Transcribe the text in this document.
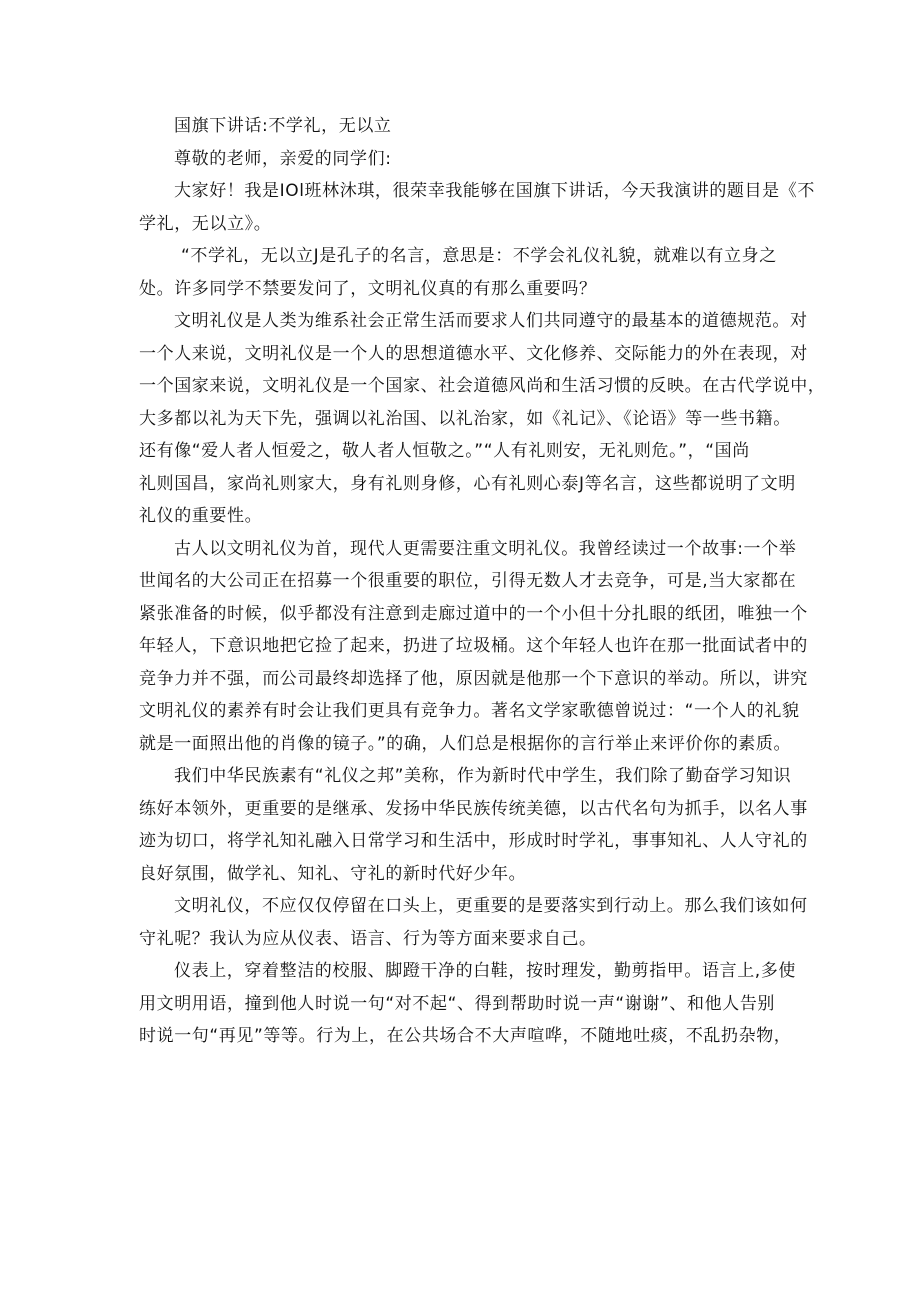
国旗下讲话:不学礼，无以立
尊敬的老师，亲爱的同学们:
大家好！我是IOl班林沐琪，很荣幸我能够在国旗下讲话，今天我演讲的题目是《不
学礼，无以立》。
“不学礼，无以立J是孔子的名言，意思是：不学会礼仪礼貌，就难以有立身之
处。许多同学不禁要发问了，文明礼仪真的有那么重要吗？
文明礼仪是人类为维系社会正常生活而要求人们共同遵守的最基本的道德规范。对
一个人来说，文明礼仪是一个人的思想道德水平、文化修养、交际能力的外在表现，对
一个国家来说，文明礼仪是一个国家、社会道德风尚和生活习惯的反映。在古代学说中，
大多都以礼为天下先，强调以礼治国、以礼治家，如《礼记》、《论语》等一些书籍。
还有像“爱人者人恒爱之，敬人者人恒敬之。”“人有礼则安，无礼则危。”，“国尚
礼则国昌，家尚礼则家大，身有礼则身修，心有礼则心泰J等名言，这些都说明了文明
礼仪的重要性。
古人以文明礼仪为首，现代人更需要注重文明礼仪。我曾经读过一个故事:一个举
世闻名的大公司正在招募一个很重要的职位，引得无数人才去竞争，可是,当大家都在
紧张准备的时候，似乎都没有注意到走廊过道中的一个小但十分扎眼的纸团，唯独一个
年轻人，下意识地把它捡了起来，扔进了垃圾桶。这个年轻人也许在那一批面试者中的
竞争力并不强，而公司最终却选择了他，原因就是他那一个下意识的举动。所以，讲究
文明礼仪的素养有时会让我们更具有竞争力。著名文学家歌德曾说过：“一个人的礼貌
就是一面照出他的肖像的镜子。”的确，人们总是根据你的言行举止来评价你的素质。
我们中华民族素有“礼仪之邦”美称，作为新时代中学生，我们除了勤奋学习知识
练好本领外，更重要的是继承、发扬中华民族传统美德，以古代名句为抓手，以名人事
迹为切口，将学礼知礼融入日常学习和生活中，形成时时学礼，事事知礼、人人守礼的
良好氛围，做学礼、知礼、守礼的新时代好少年。
文明礼仪，不应仅仅停留在口头上，更重要的是要落实到行动上。那么我们该如何
守礼呢？我认为应从仪表、语言、行为等方面来要求自己。
仪表上，穿着整洁的校服、脚蹬干净的白鞋，按时理发，勤剪指甲。语言上,多使
用文明用语，撞到他人时说一句“对不起“、得到帮助时说一声“谢谢”、和他人告别
时说一句“再见”等等。行为上，在公共场合不大声喧哗，不随地吐痰，不乱扔杂物，
